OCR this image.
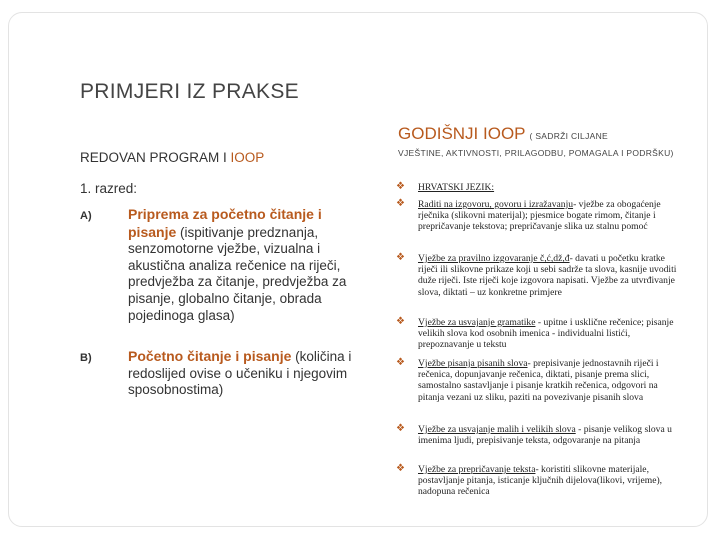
PRIMJERI IZ PRAKSE
REDOVAN PROGRAM I IOOP
1. razred:
A)	Priprema za početno čitanje i pisanje (ispitivanje predznanja, senzomotorne vježbe, vizualna i akustična analiza rečenice na riječi, predvježba za čitanje, predvježba za pisanje, globalno čitanje, obrada pojedinoga glasa)
B)	Početno čitanje i pisanje (količina i redoslijed ovise o učeniku i njegovim sposobnostima)
GODIŠNJI IOOP ( SADRŽI CILJANE
VJEŠTINE, AKTIVNOSTI, PRILAGODBU, POMAGALA I PODRŠKU)
❖ HRVATSKI JEZIK:
❖ Raditi na izgovoru, govoru i izražavanju- vježbe za obogaćenje rječnika (slikovni materijal); pjesmice bogate rimom, čitanje i prepričavanje tekstova; prepričavanje slika uz stalnu pomoć
❖ Vježbe za pravilno izgovaranje č,ć,dž,đ- davati u početku kratke riječi ili slikovne prikaze koji u sebi sadrže ta slova, kasnije uvoditi duže riječi. Iste riječi koje izgovora napisati. Vježbe za utvrđivanje slova, diktati – uz konkretne primjere
❖ Vježbe za usvajanje gramatike - upitne i usklične rečenice; pisanje velikih slova kod osobnih imenica - individualni listići, prepoznavanje u tekstu
❖ Vježbe pisanja pisanih slova- prepisivanje jednostavnih riječi i rečenica, dopunjavanje rečenica, diktati, pisanje prema slici, samostalno sastavljanje i pisanje kratkih rečenica, odgovori na pitanja vezani uz sliku, paziti na povezivanje pisanih slova
❖ Vježbe za usvajanje malih i velikih slova - pisanje velikog slova u imenima ljudi, prepisivanje teksta, odgovaranje na pitanja
❖ Vježbe za prepričavanje teksta- koristiti slikovne materijale, postavljanje pitanja, isticanje ključnih dijelova(likovi, vrijeme), nadopuna rečenica
